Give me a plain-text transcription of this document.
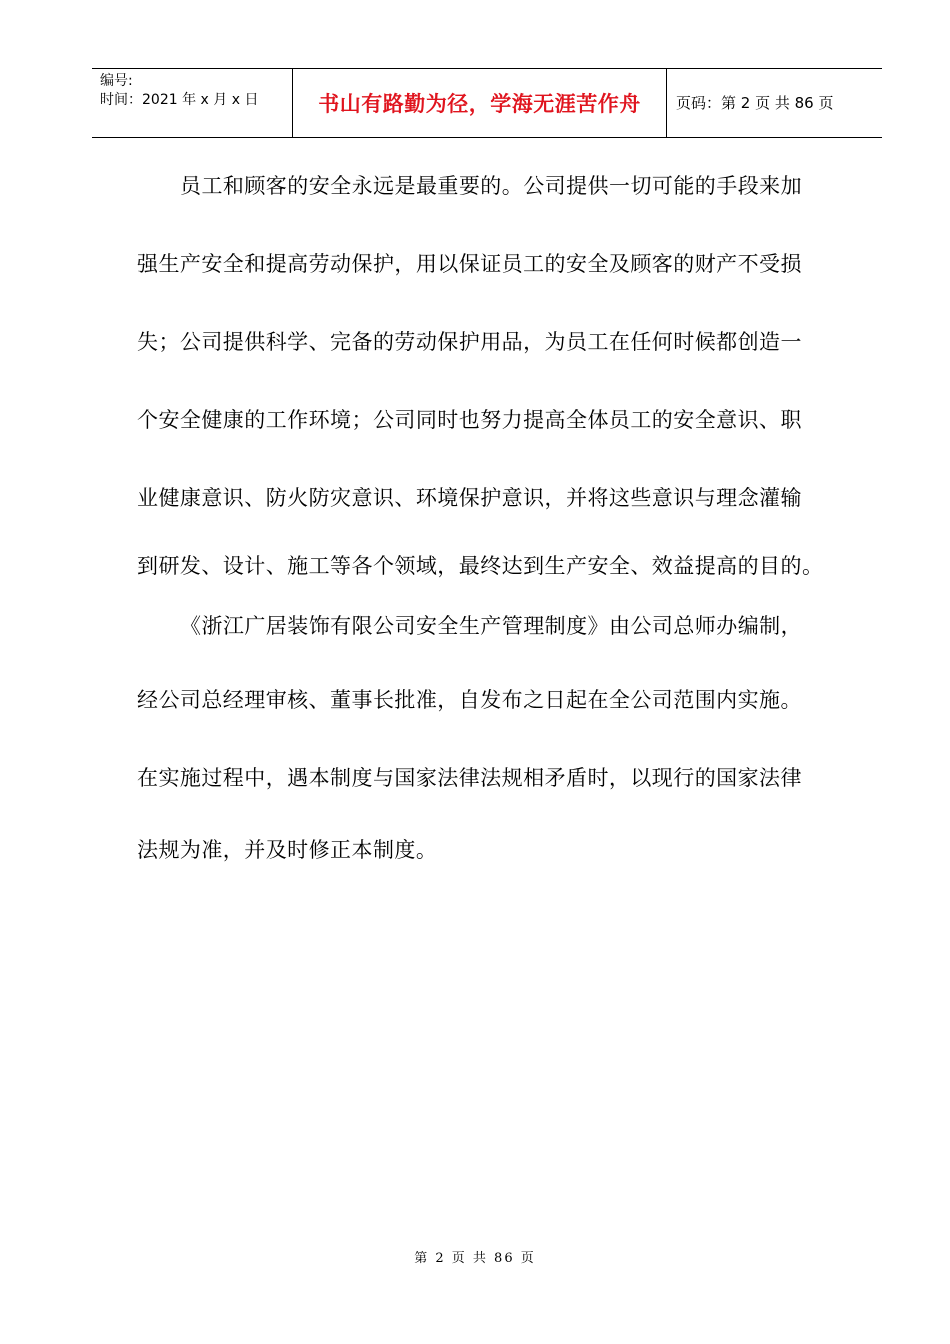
编号:
时间：2021 年 x 月 x 日	书山有路勤为径，学海无涯苦作舟	页码：第 2 页 共 86 页
员工和顾客的安全永远是最重要的。公司提供一切可能的手段来加
强生产安全和提高劳动保护，用以保证员工的安全及顾客的财产不受损
失；公司提供科学、完备的劳动保护用品，为员工在任何时候都创造一
个安全健康的工作环境；公司同时也努力提高全体员工的安全意识、职
业健康意识、防火防灾意识、环境保护意识，并将这些意识与理念灌输
到研发、设计、施工等各个领域，最终达到生产安全、效益提高的目的。
《浙江广居装饰有限公司安全生产管理制度》由公司总师办编制，
经公司总经理审核、董事长批准，自发布之日起在全公司范围内实施。
在实施过程中，遇本制度与国家法律法规相矛盾时，以现行的国家法律
法规为准，并及时修正本制度。
第 2 页 共 86 页
